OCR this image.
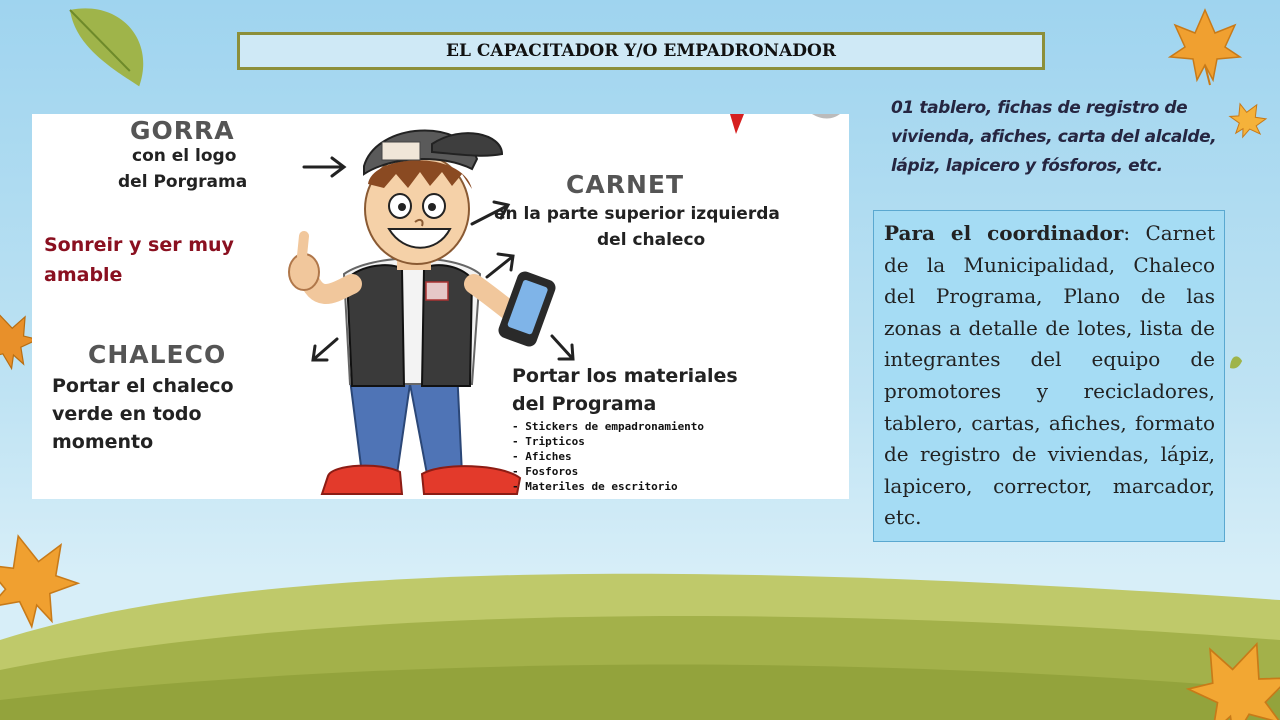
EL CAPACITADOR Y/O EMPADRONADOR
GORRA
con el logo
del Porgrama
Sonreir y ser muy
amable
CHALECO
Portar el chaleco
verde en todo
momento
CARNET
en la parte superior izquierda
del chaleco
Portar los materiales
del Programa
- Stickers de empadronamiento
- Tripticos
- Afiches
- Fosforos
- Materiles de escritorio
01 tablero, fichas de registro de vivienda, afiches, carta del alcalde, lápiz, lapicero y fósforos, etc.
Para el coordinador: Carnet de la Municipalidad, Chaleco del Programa, Plano de las zonas a detalle de lotes, lista de integrantes del equipo de promotores y recicladores, tablero, cartas, afiches, formato de registro de viviendas, lápiz, lapicero, corrector, marcador, etc.
